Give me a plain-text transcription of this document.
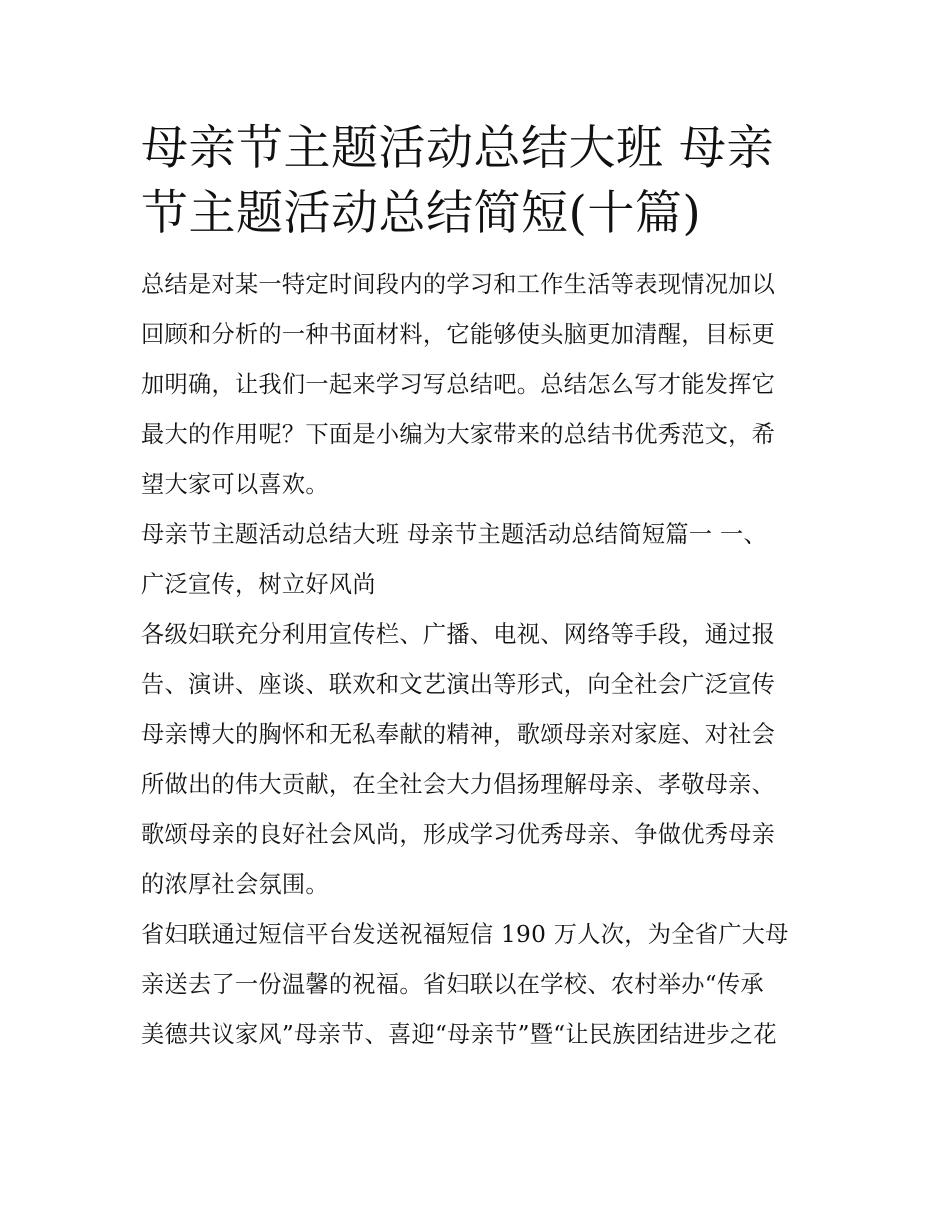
母亲节主题活动总结大班 母亲
节主题活动总结简短(十篇)

总结是对某一特定时间段内的学习和工作生活等表现情况加以
回顾和分析的一种书面材料，它能够使头脑更加清醒，目标更
加明确，让我们一起来学习写总结吧。总结怎么写才能发挥它
最大的作用呢？下面是小编为大家带来的总结书优秀范文，希
望大家可以喜欢。

母亲节主题活动总结大班 母亲节主题活动总结简短篇一 一、
广泛宣传，树立好风尚

各级妇联充分利用宣传栏、广播、电视、网络等手段，通过报
告、演讲、座谈、联欢和文艺演出等形式，向全社会广泛宣传
母亲博大的胸怀和无私奉献的精神，歌颂母亲对家庭、对社会
所做出的伟大贡献，在全社会大力倡扬理解母亲、孝敬母亲、
歌颂母亲的良好社会风尚，形成学习优秀母亲、争做优秀母亲
的浓厚社会氛围。

省妇联通过短信平台发送祝福短信 190 万人次，为全省广大母
亲送去了一份温馨的祝福。省妇联以在学校、农村举办“传承
美德共议家风”母亲节、喜迎“母亲节”暨“让民族团结进步之花
